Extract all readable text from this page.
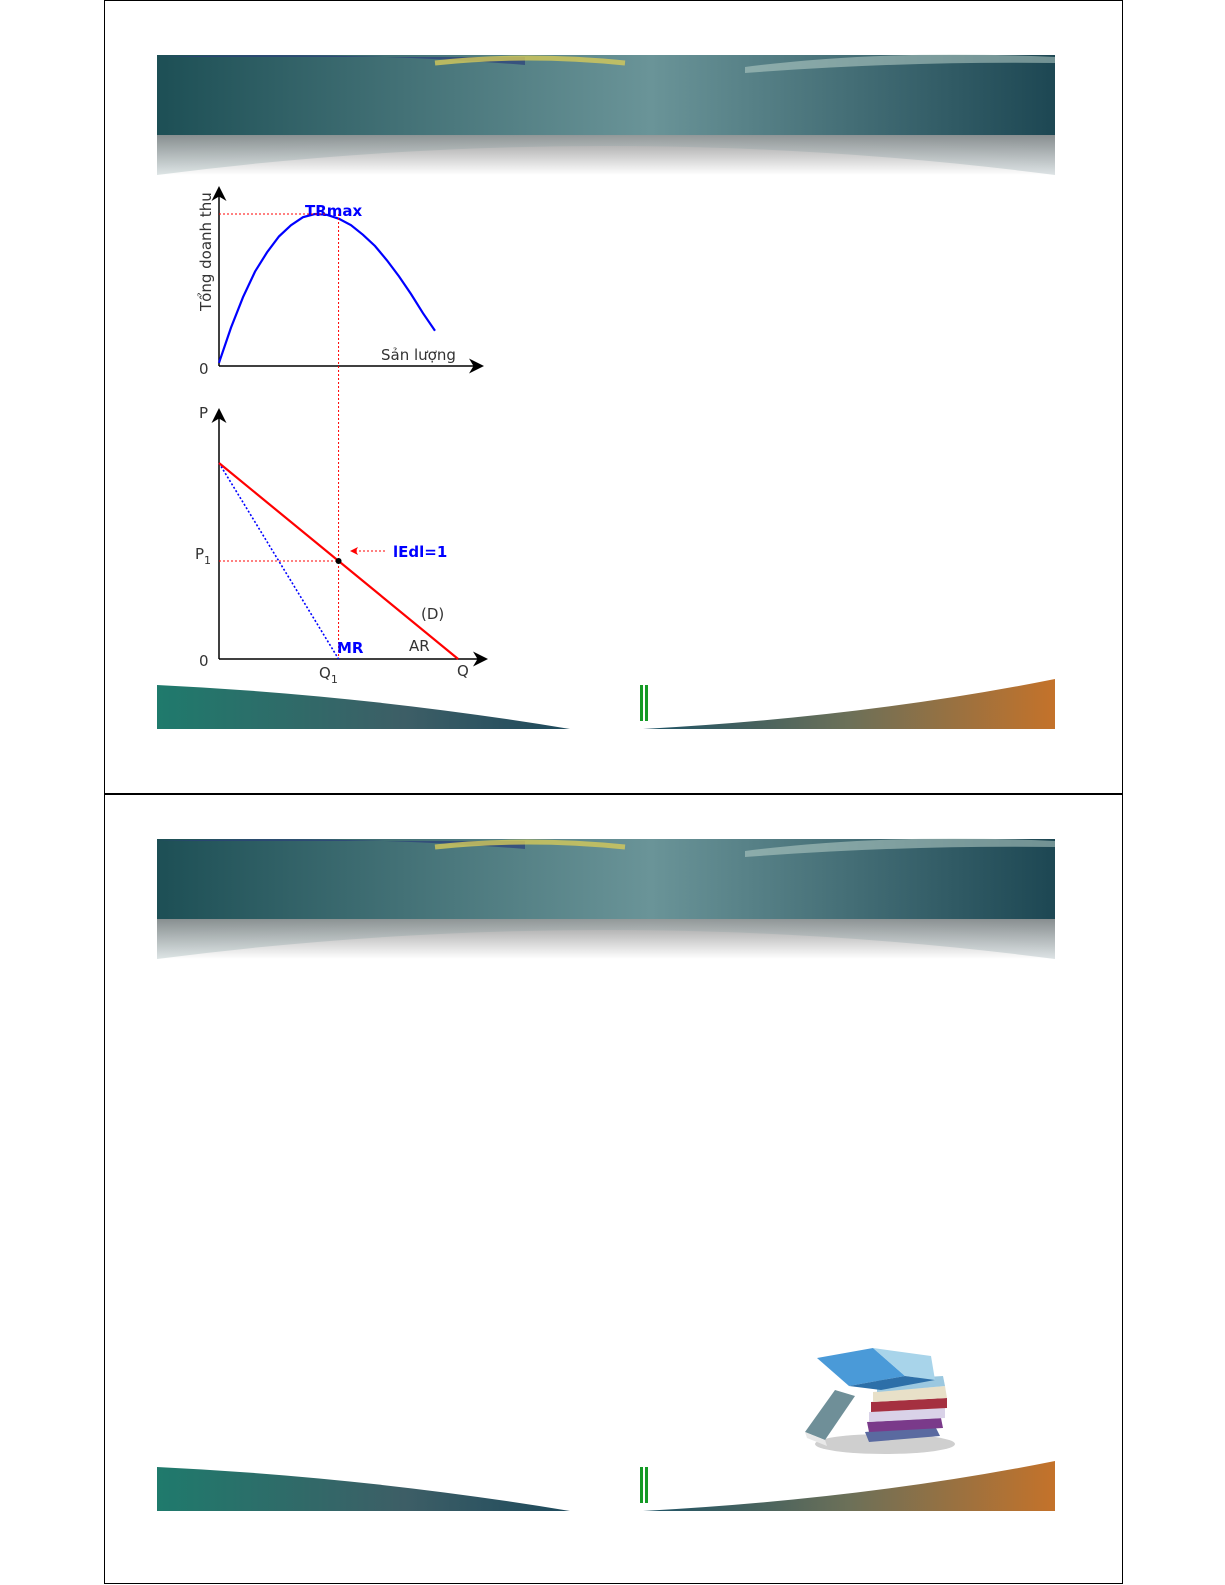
Tổng doanh thu
Sản lượng
0
TRmax
P
0
Q
$P_1$
$Q_1$
MR	AR
(D)
lEdl=1
